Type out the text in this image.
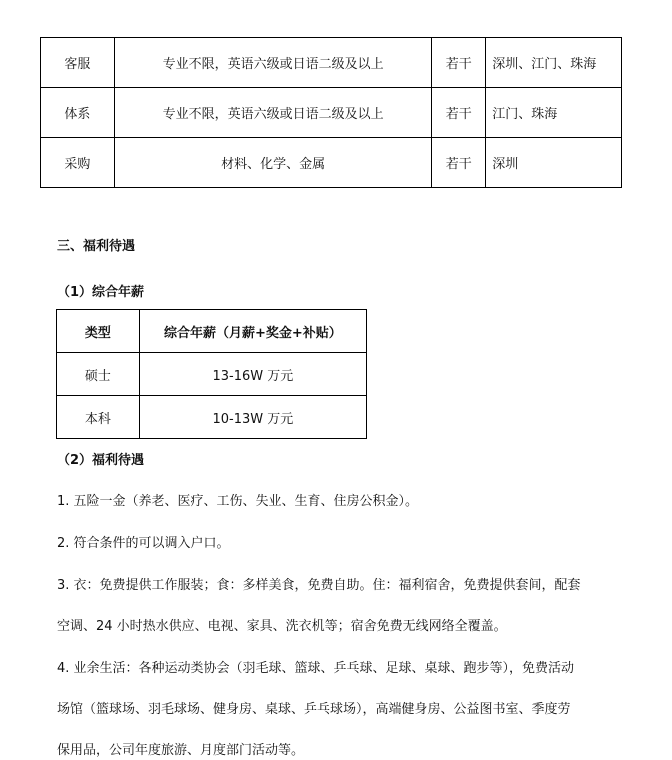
客服	专业不限，英语六级或日语二级及以上	若干	深圳、江门、珠海
体系	专业不限，英语六级或日语二级及以上	若干	江门、珠海
采购	材料、化学、金属	若干	深圳
三、福利待遇
（1）综合年薪
类型	综合年薪（月薪+奖金+补贴）
硕士	13-16W 万元
本科	10-13W 万元
（2）福利待遇
1. 五险一金（养老、医疗、工伤、失业、生育、住房公积金）。
2. 符合条件的可以调入户口。
3. 衣：免费提供工作服装；食：多样美食，免费自助。住：福利宿舍，免费提供套间，配套
空调、24 小时热水供应、电视、家具、洗衣机等；宿舍免费无线网络全覆盖。
4. 业余生活：各种运动类协会（羽毛球、篮球、乒乓球、足球、桌球、跑步等），免费活动
场馆（篮球场、羽毛球场、健身房、桌球、乒乓球场），高端健身房、公益图书室、季度劳
保用品，公司年度旅游、月度部门活动等。
